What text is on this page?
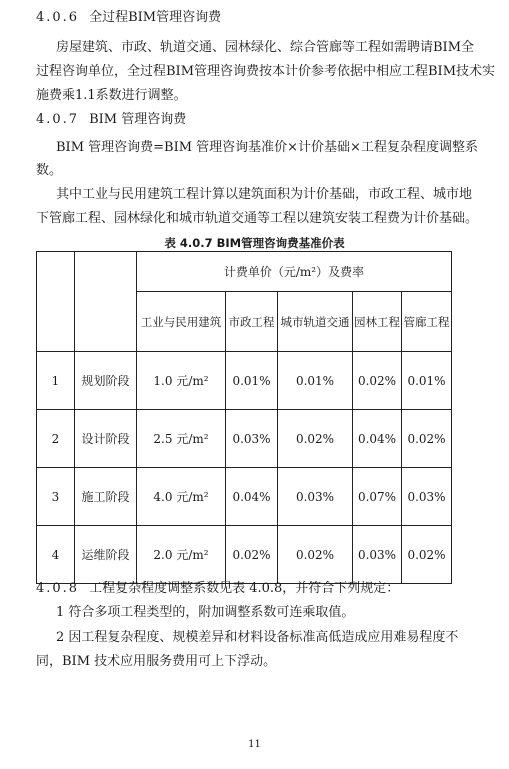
4.0.6 全过程BIM管理咨询费
房屋建筑、市政、轨道交通、园林绿化、综合管廊等工程如需聘请BIM全
过程咨询单位，全过程BIM管理咨询费按本计价参考依据中相应工程BIM技术实
施费乘1.1系数进行调整。
4.0.7 BIM 管理咨询费
BIM 管理咨询费=BIM 管理咨询基准价×计价基础×工程复杂程度调整系
数。
其中工业与民用建筑工程计算以建筑面积为计价基础，市政工程、城市地
下管廊工程、园林绿化和城市轨道交通等工程以建筑安装工程费为计价基础。
表 4.0.7 BIM管理咨询费基准价表
		计费单价（元/m²）及费率				
		工业与民用建筑	市政工程	城市轨道交通	园林工程	管廊工程
1	规划阶段	1.0 元/m²	0.01%	0.01%	0.02%	0.01%
2	设计阶段	2.5 元/m²	0.03%	0.02%	0.04%	0.02%
3	施工阶段	4.0 元/m²	0.04%	0.03%	0.07%	0.03%
4	运维阶段	2.0 元/m²	0.02%	0.02%	0.03%	0.02%
4.0.8 工程复杂程度调整系数见表 4.0.8，并符合下列规定：
1 符合多项工程类型的，附加调整系数可连乘取值。
2 因工程复杂程度、规模差异和材料设备标准高低造成应用难易程度不
同，BIM 技术应用服务费用可上下浮动。
11
